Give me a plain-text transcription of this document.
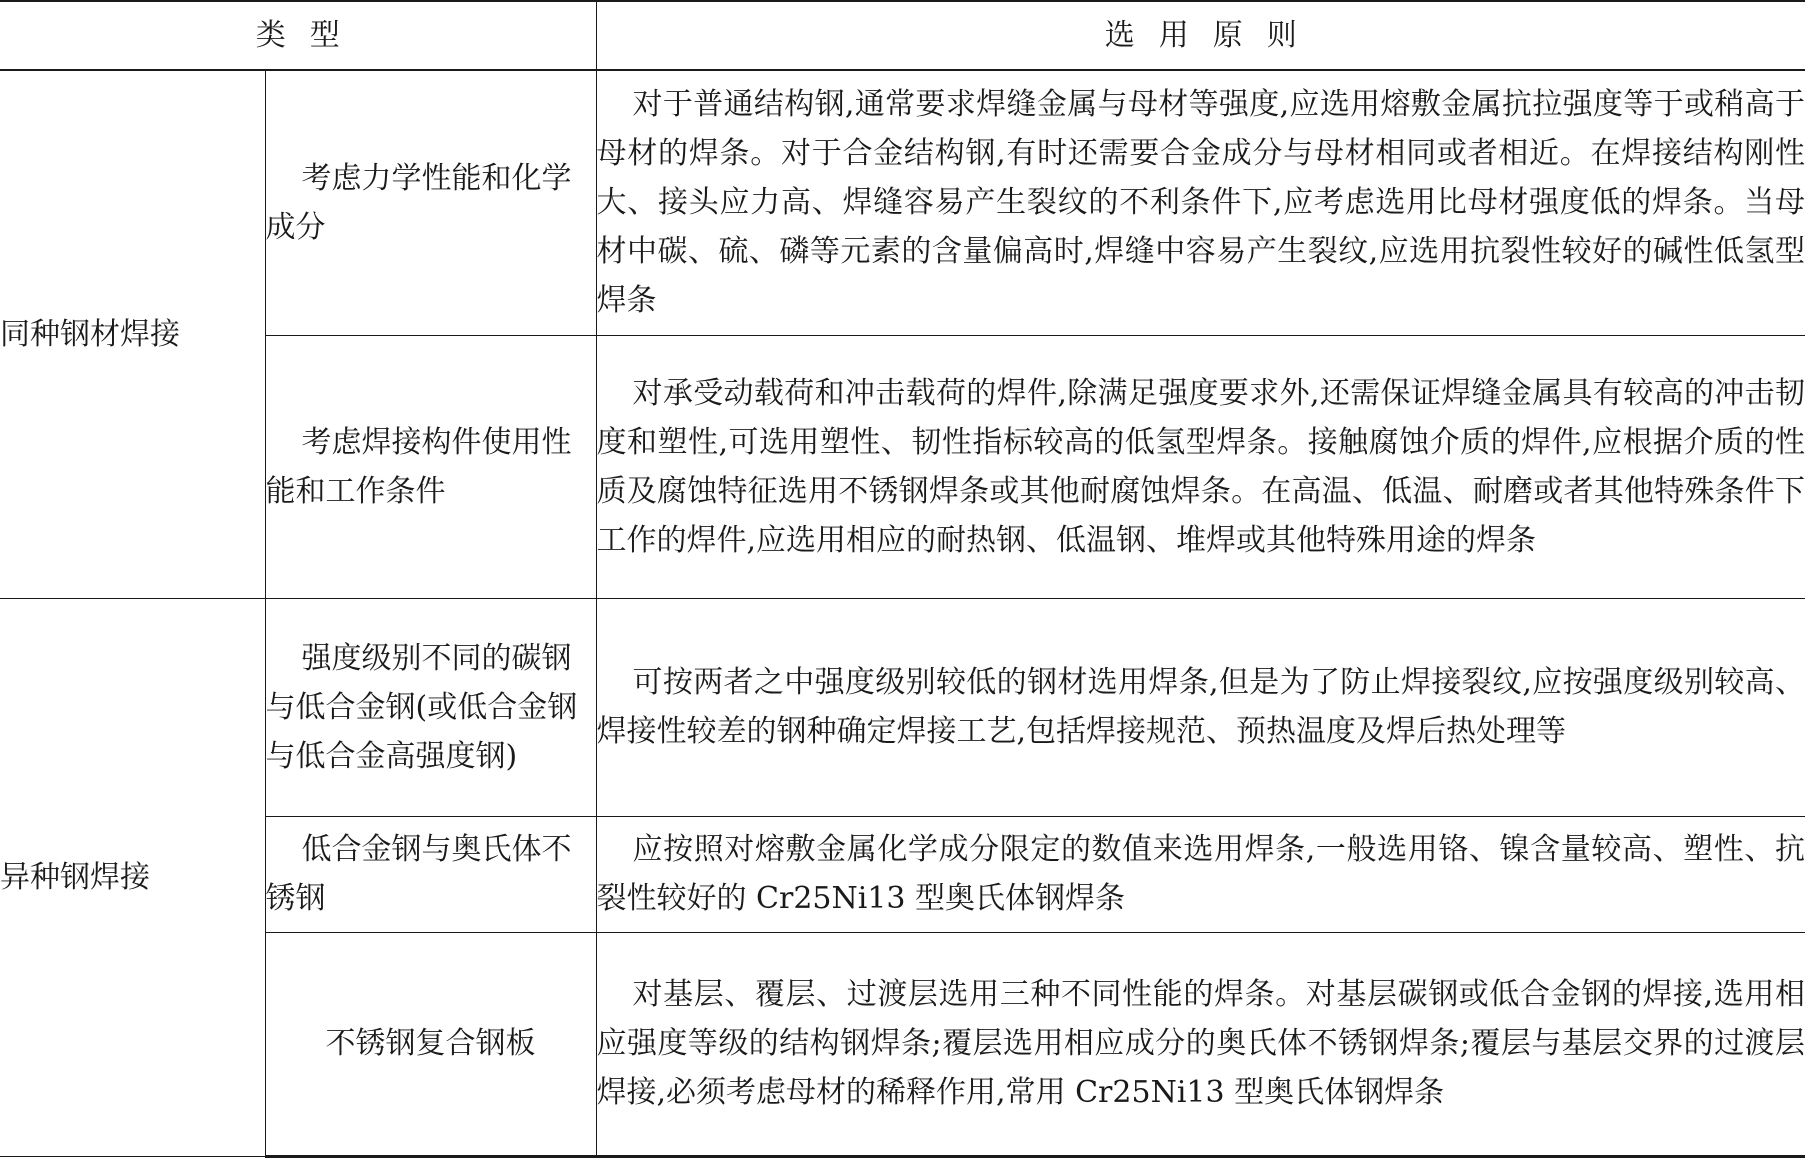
类型		选用原则
同种钢材焊接	考虑力学性能和化学成分	对于普通结构钢,通常要求焊缝金属与母材等强度,应选用熔敷金属抗拉强度等于或稍高于母材的焊条。对于合金结构钢,有时还需要合金成分与母材相同或者相近。在焊接结构刚性大、接头应力高、焊缝容易产生裂纹的不利条件下,应考虑选用比母材强度低的焊条。当母材中碳、硫、磷等元素的含量偏高时,焊缝中容易产生裂纹,应选用抗裂性较好的碱性低氢型焊条
	考虑焊接构件使用性能和工作条件	对承受动载荷和冲击载荷的焊件,除满足强度要求外,还需保证焊缝金属具有较高的冲击韧度和塑性,可选用塑性、韧性指标较高的低氢型焊条。接触腐蚀介质的焊件,应根据介质的性质及腐蚀特征选用不锈钢焊条或其他耐腐蚀焊条。在高温、低温、耐磨或者其他特殊条件下工作的焊件,应选用相应的耐热钢、低温钢、堆焊或其他特殊用途的焊条
异种钢焊接	强度级别不同的碳钢与低合金钢(或低合金钢与低合金高强度钢)	可按两者之中强度级别较低的钢材选用焊条,但是为了防止焊接裂纹,应按强度级别较高、焊接性较差的钢种确定焊接工艺,包括焊接规范、预热温度及焊后热处理等
	低合金钢与奥氏体不锈钢	应按照对熔敷金属化学成分限定的数值来选用焊条,一般选用铬、镍含量较高、塑性、抗裂性较好的 Cr25Ni13 型奥氏体钢焊条
	不锈钢复合钢板	对基层、覆层、过渡层选用三种不同性能的焊条。对基层碳钢或低合金钢的焊接,选用相应强度等级的结构钢焊条;覆层选用相应成分的奥氏体不锈钢焊条;覆层与基层交界的过渡层焊接,必须考虑母材的稀释作用,常用 Cr25Ni13 型奥氏体钢焊条
